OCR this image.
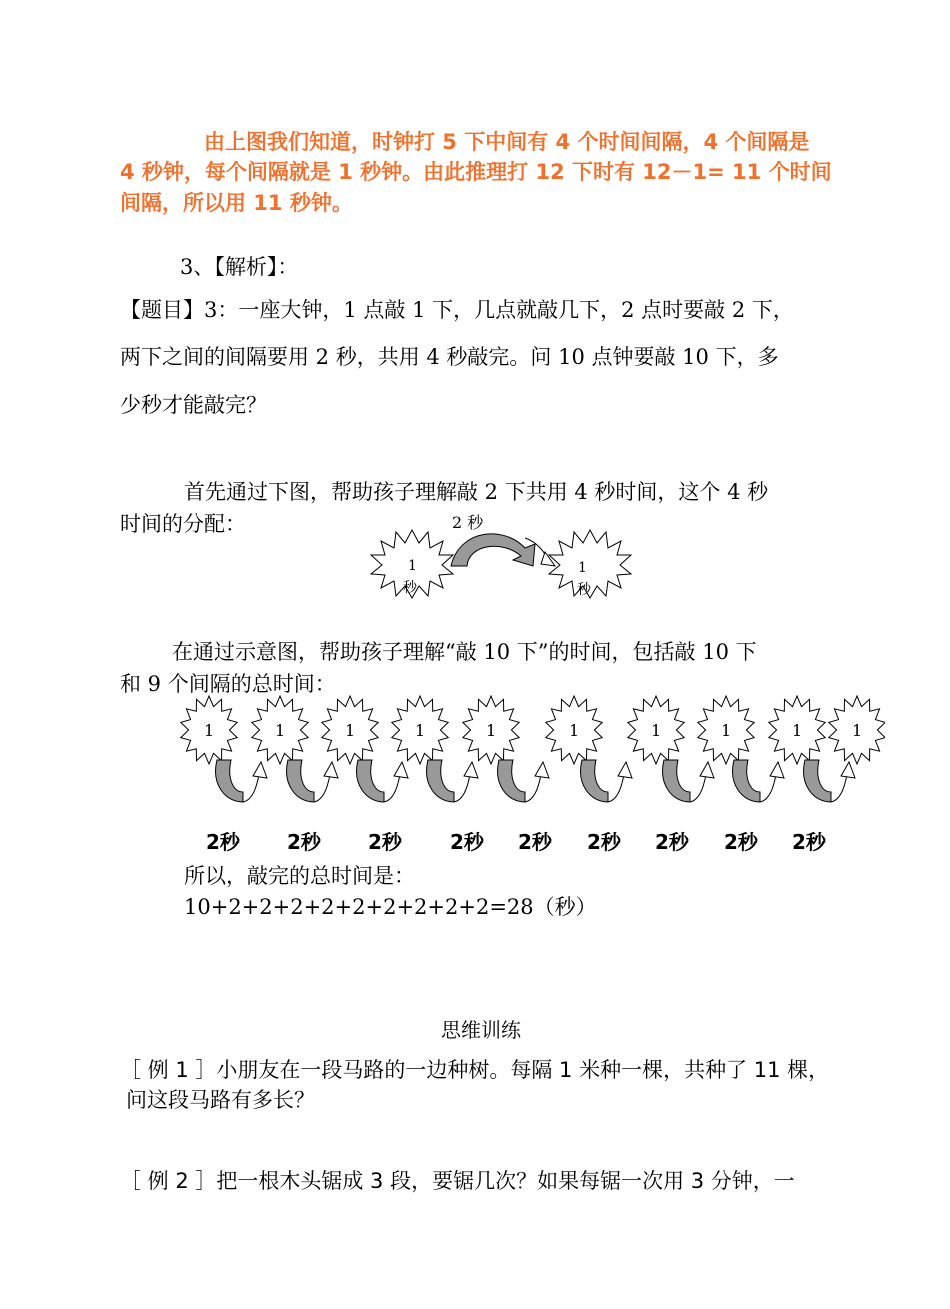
由上图我们知道，时钟打 5 下中间有 4 个时间间隔，4 个间隔是
4 秒钟，每个间隔就是 1 秒钟。由此推理打 12 下时有 12－1= 11 个时间
间隔，所以用 11 秒钟。
3、【解析】：
【题目】3：一座大钟，1 点敲 1 下，几点就敲几下，2 点时要敲 2 下，
两下之间的间隔要用 2 秒，共用 4 秒敲完。问 10 点钟要敲 10 下，多
少秒才能敲完？
首先通过下图，帮助孩子理解敲 2 下共用 4 秒时间，这个 4 秒
时间的分配：	2 秒
1
秒
1
秒
在通过示意图，帮助孩子理解“敲 10 下”的时间，包括敲 10 下
和 9 个间隔的总时间：
1	1	1	1	1	1	1	1	1	1
2秒 2秒 2秒 2秒 2秒 2秒 2秒 2秒 2秒
所以，敲完的总时间是：
10+2+2+2+2+2+2+2+2+2=28（秒）
思维训练
［ 例 1 ］小朋友在一段马路的一边种树。每隔 1 米种一棵，共种了 11 棵，
问这段马路有多长？
［ 例 2 ］把一根木头锯成 3 段，要锯几次？如果每锯一次用 3 分钟，一
